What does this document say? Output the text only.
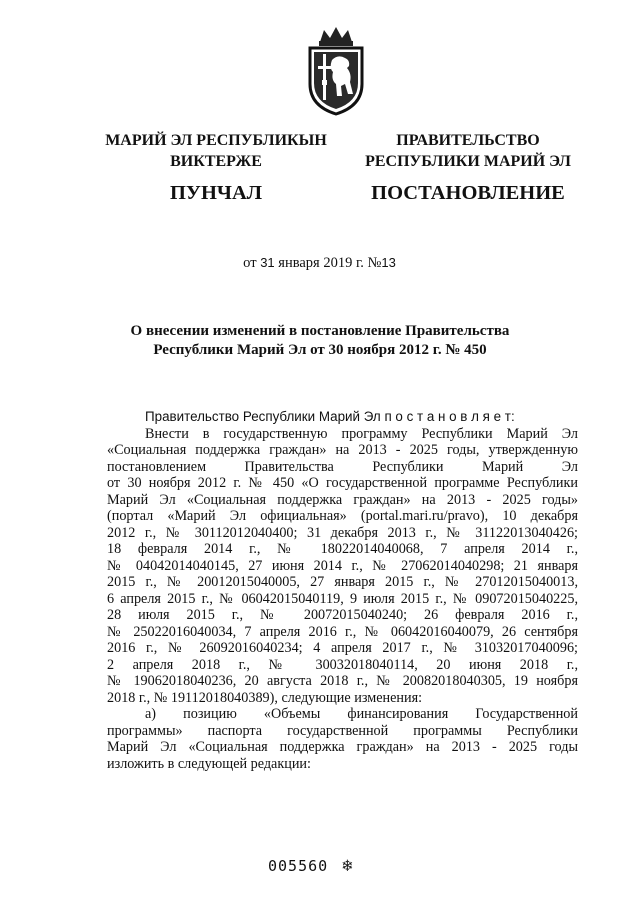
МАРИЙ ЭЛ РЕСПУБЛИКЫН
ВИКТЕРЖЕ
ПУНЧАЛ
ПРАВИТЕЛЬСТВО
РЕСПУБЛИКИ МАРИЙ ЭЛ
ПОСТАНОВЛЕНИЕ
от 31 января 2019 г. №13
О внесении изменений в постановление Правительства
Республики Марий Эл от 30 ноября 2012 г. № 450
Правительство Республики Марий Эл п о с т а н о в л я е т:
Внести в государственную программу Республики Марий Эл
«Социальная поддержка граждан» на 2013 - 2025 годы, утвержденную
постановлением Правительства Республики Марий Эл
от 30 ноября 2012 г. № 450 «О государственной программе Республики
Марий Эл «Социальная поддержка граждан» на 2013 - 2025 годы»
(портал «Марий Эл официальная» (portal.mari.ru/pravo), 10 декабря
2012 г., № 30112012040400; 31 декабря 2013 г., № 31122013040426;
18 февраля 2014 г., № 18022014040068, 7 апреля 2014 г.,
№ 04042014040145, 27 июня 2014 г., № 27062014040298; 21 января
2015 г., № 20012015040005, 27 января 2015 г., № 27012015040013,
6 апреля 2015 г., № 06042015040119, 9 июля 2015 г., № 09072015040225,
28 июля 2015 г., № 20072015040240; 26 февраля 2016 г.,
№ 25022016040034, 7 апреля 2016 г., № 06042016040079, 26 сентября
2016 г., № 26092016040234; 4 апреля 2017 г., № 31032017040096;
2 апреля 2018 г., № 30032018040114, 20 июня 2018 г.,
№ 19062018040236, 20 августа 2018 г., № 20082018040305, 19 ноября
2018 г., № 19112018040389), следующие изменения:
а) позицию «Объемы финансирования Государственной
программы» паспорта государственной программы Республики
Марий Эл «Социальная поддержка граждан» на 2013 - 2025 годы
изложить в следующей редакции:
005560 ❄
